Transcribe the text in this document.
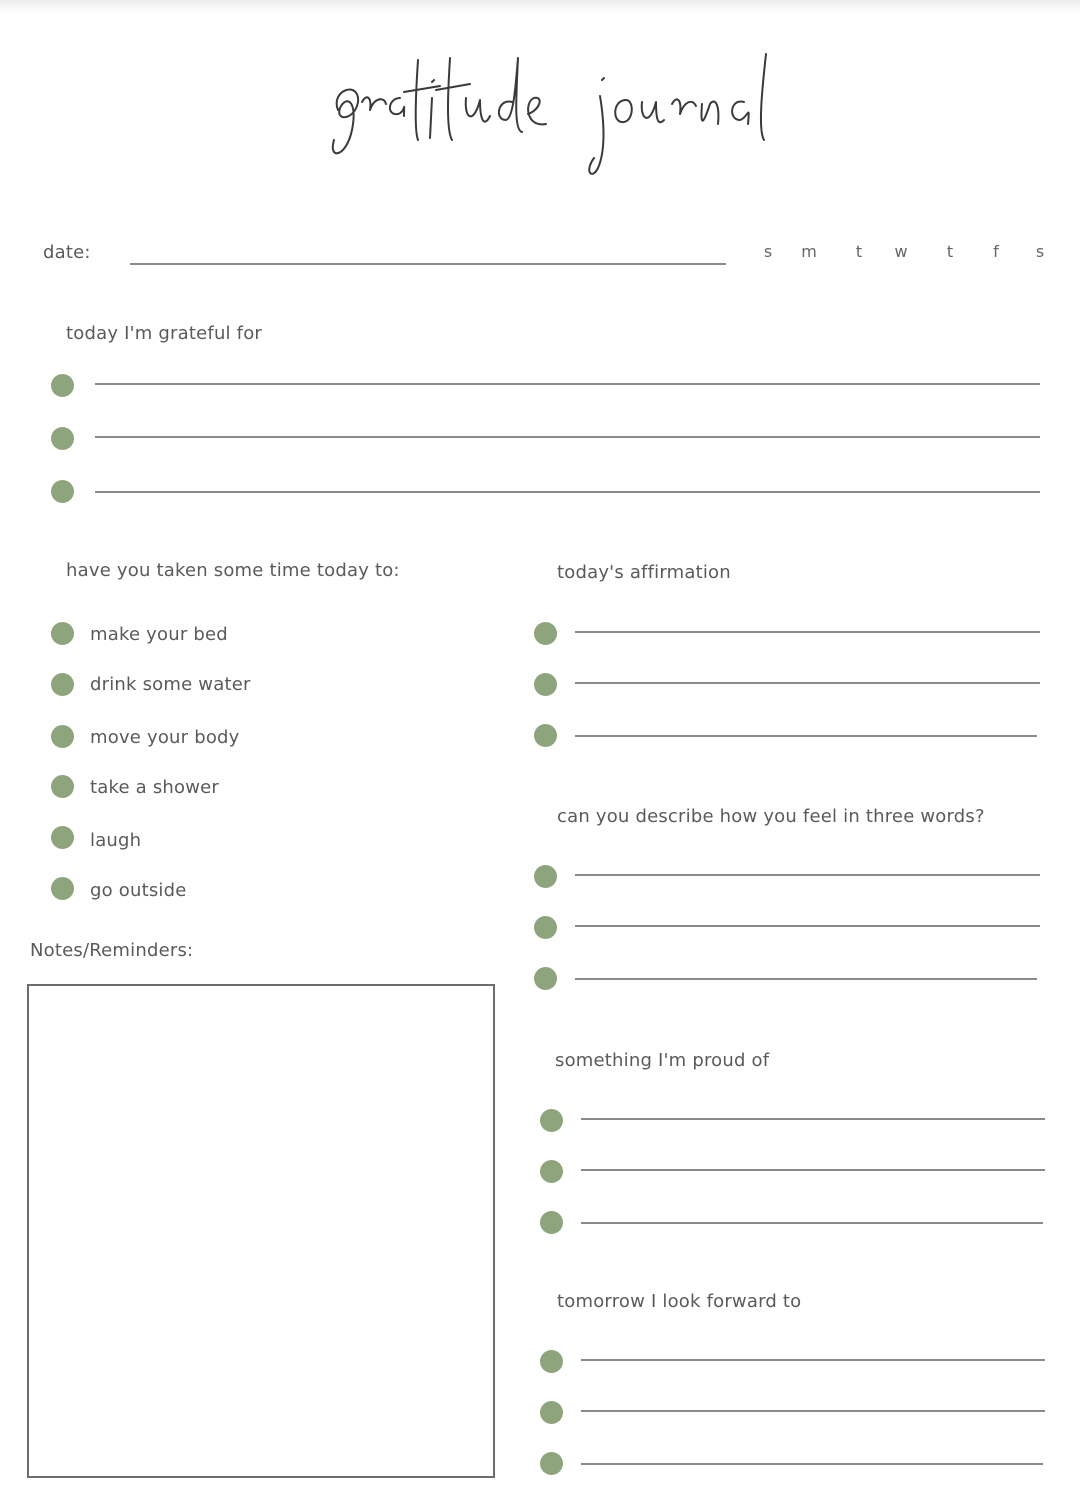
date:	s	m	t	w	t	f	s
today I'm grateful for
have you taken some time today to:
make your bed
drink some water
move your body
take a shower
laugh
go outside
Notes/Reminders:
today's affirmation
can you describe how you feel in three words?
something I'm proud of
tomorrow I look forward to
